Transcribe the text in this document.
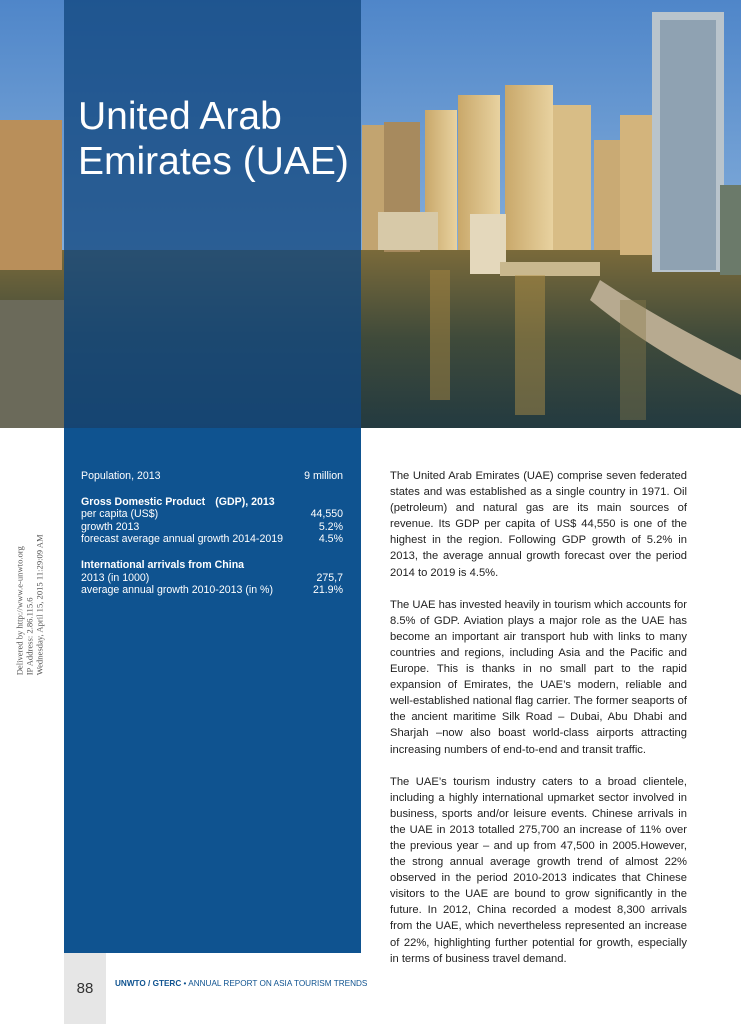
United Arab Emirates (UAE)
Delivered by http://www.e-unwto.org IP Address: 2.86.115.6 Wednesday, April 15, 2015 11:29:09 AM
Population, 2013	9 million
Gross Domestic Product (GDP), 2013
per capita (US$)	44,550
growth 2013	5.2%
forecast average annual growth 2014-2019	4.5%
International arrivals from China
2013 (in 1000)	275,7
average annual growth 2010-2013 (in %)	21.9%

The United Arab Emirates (UAE) comprise seven federated states and was established as a single country in 1971. Oil (petroleum) and natural gas are its main sources of revenue. Its GDP per capita of US$ 44,550 is one of the highest in the region. Following GDP growth of 5.2% in 2013, the average annual growth forecast over the period 2014 to 2019 is 4.5%.

The UAE has invested heavily in tourism which accounts for 8.5% of GDP. Aviation plays a major role as the UAE has become an important air transport hub with links to many countries and regions, including Asia and the Pacific and Europe. This is thanks in no small part to the rapid expansion of Emirates, the UAE’s modern, reliable and well-established national flag carrier. The former seaports of the ancient maritime Silk Road – Dubai, Abu Dhabi and Sharjah –now also boast world-class airports attracting increasing numbers of end-to-end and transit traffic.

The UAE’s tourism industry caters to a broad clientele, including a highly international upmarket sector involved in business, sports and/or leisure events. Chinese arrivals in the UAE in 2013 totalled 275,700 an increase of 11% over the previous year – and up from 47,500 in 2005.However, the strong annual average growth trend of almost 22% observed in the period 2010-2013 indicates that Chinese visitors to the UAE are bound to grow significantly in the future. In 2012, China recorded a modest 8,300 arrivals from the UAE, which nevertheless represented an increase of 22%, highlighting further potential for growth, especially in terms of business travel demand.

88	UNWTO / GTERC • ANNUAL REPORT ON ASIA TOURISM TRENDS
